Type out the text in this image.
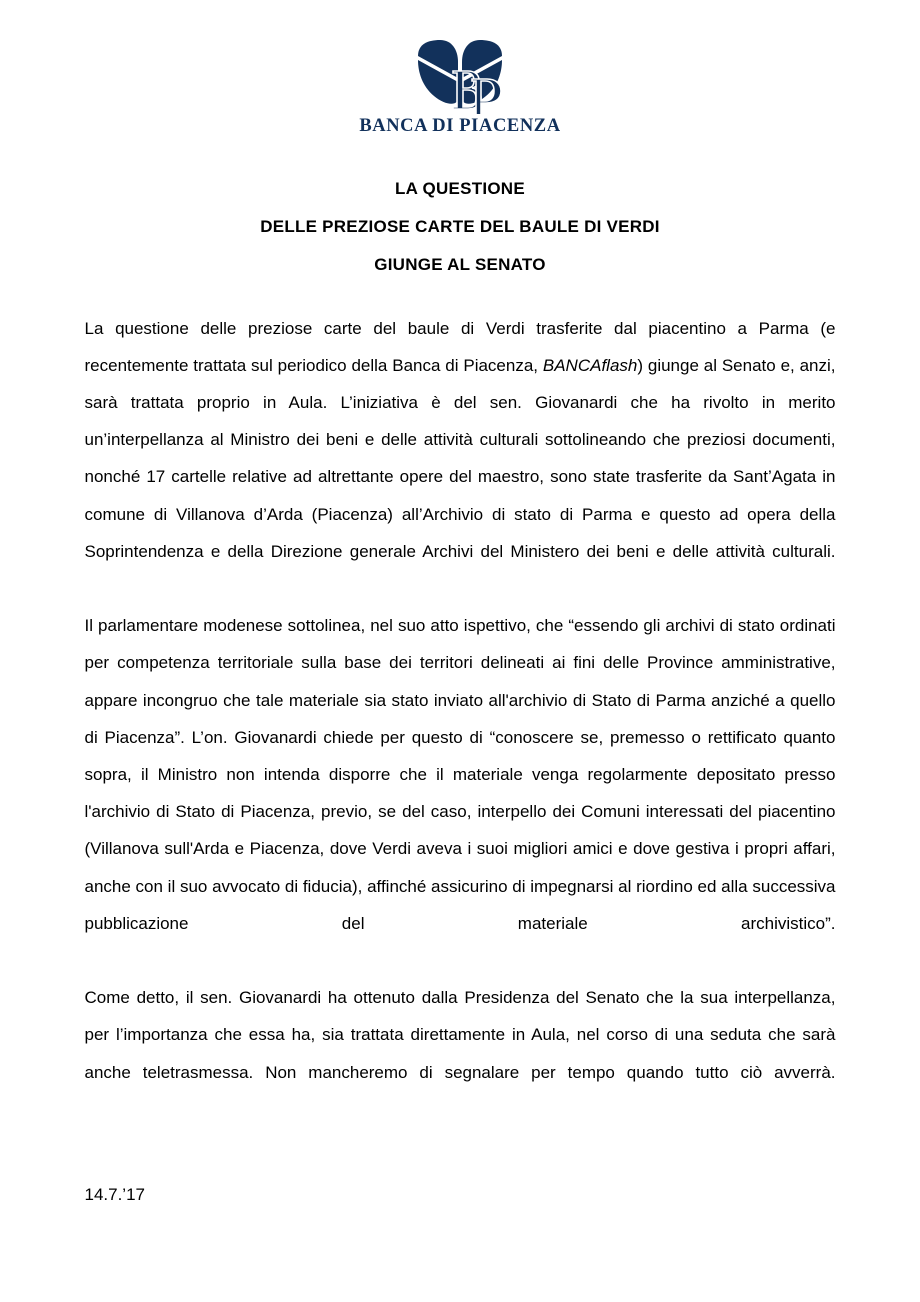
BANCA DI PIACENZA
LA QUESTIONE
DELLE PREZIOSE CARTE DEL BAULE DI VERDI
GIUNGE AL SENATO

La questione delle preziose carte del baule di Verdi trasferite dal piacentino a Parma (e recentemente trattata sul periodico della Banca di Piacenza, BANCAflash) giunge al Senato e, anzi, sarà trattata proprio in Aula. L’iniziativa è del sen. Giovanardi che ha rivolto in merito un’interpellanza al Ministro dei beni e delle attività culturali sottolineando che preziosi documenti, nonché 17 cartelle relative ad altrettante opere del maestro, sono state trasferite da Sant’Agata in comune di Villanova d’Arda (Piacenza) all’Archivio di stato di Parma e questo ad opera della Soprintendenza e della Direzione generale Archivi del Ministero dei beni e delle attività culturali.

Il parlamentare modenese sottolinea, nel suo atto ispettivo, che “essendo gli archivi di stato ordinati per competenza territoriale sulla base dei territori delineati ai fini delle Province amministrative, appare incongruo che tale materiale sia stato inviato all'archivio di Stato di Parma anziché a quello di Piacenza”. L’on. Giovanardi chiede per questo di “conoscere se, premesso o rettificato quanto sopra, il Ministro non intenda disporre che il materiale venga regolarmente depositato presso l'archivio di Stato di Piacenza, previo, se del caso, interpello dei Comuni interessati del piacentino (Villanova sull'Arda e Piacenza, dove Verdi aveva i suoi migliori amici e dove gestiva i propri affari, anche con il suo avvocato di fiducia), affinché assicurino di impegnarsi al riordino ed alla successiva pubblicazione del materiale archivistico”.

Come detto, il sen. Giovanardi ha ottenuto dalla Presidenza del Senato che la sua interpellanza, per l’importanza che essa ha, sia trattata direttamente in Aula, nel corso di una seduta che sarà anche teletrasmessa. Non mancheremo di segnalare per tempo quando tutto ciò avverrà.

14.7.’17
